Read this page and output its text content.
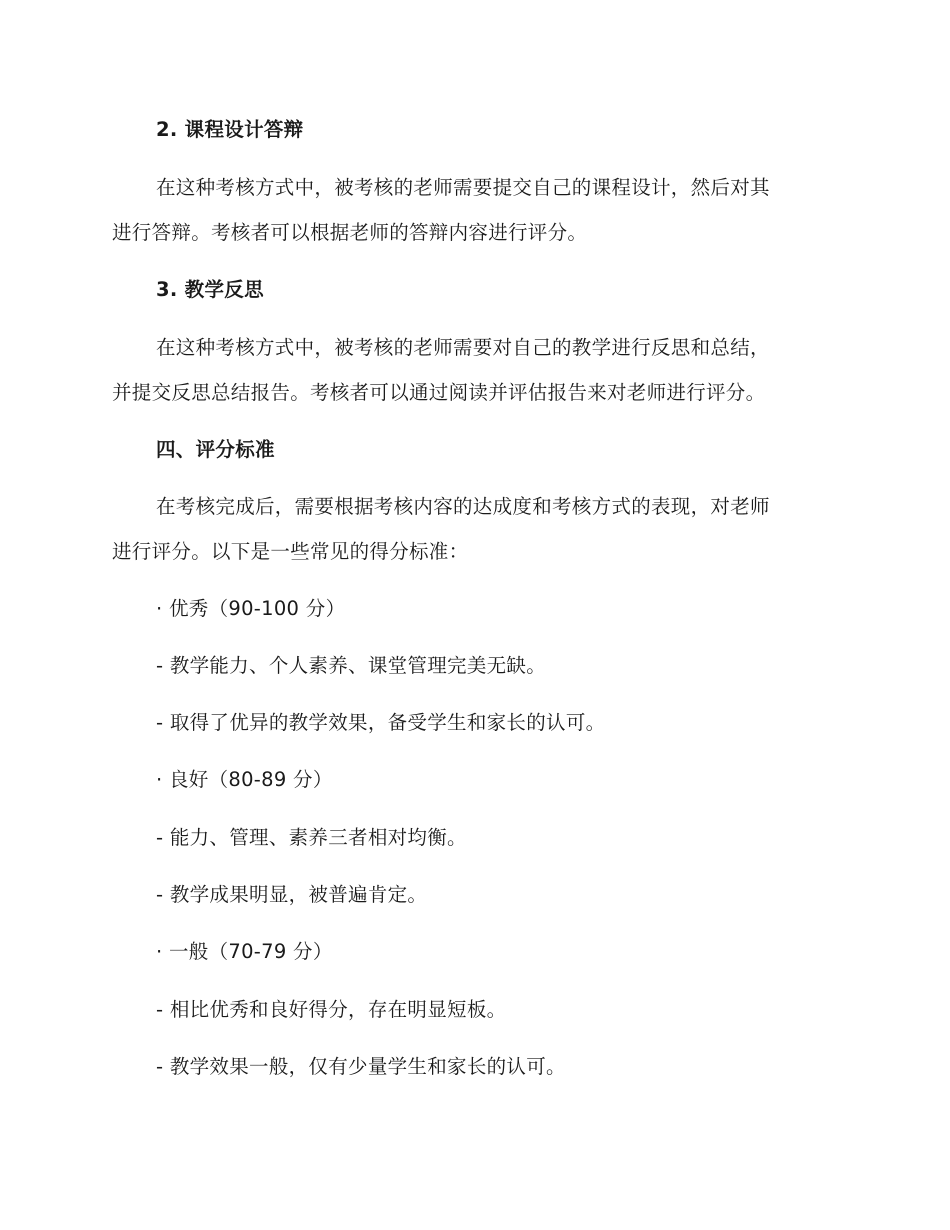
2. 课程设计答辩
在这种考核方式中，被考核的老师需要提交自己的课程设计，然后对其
进行答辩。考核者可以根据老师的答辩内容进行评分。
3. 教学反思
在这种考核方式中，被考核的老师需要对自己的教学进行反思和总结，
并提交反思总结报告。考核者可以通过阅读并评估报告来对老师进行评分。
四、评分标准
在考核完成后，需要根据考核内容的达成度和考核方式的表现，对老师
进行评分。以下是一些常见的得分标准：
· 优秀（90-100 分）
- 教学能力、个人素养、课堂管理完美无缺。
- 取得了优异的教学效果，备受学生和家长的认可。
· 良好（80-89 分）
- 能力、管理、素养三者相对均衡。
- 教学成果明显，被普遍肯定。
· 一般（70-79 分）
- 相比优秀和良好得分，存在明显短板。
- 教学效果一般，仅有少量学生和家长的认可。
